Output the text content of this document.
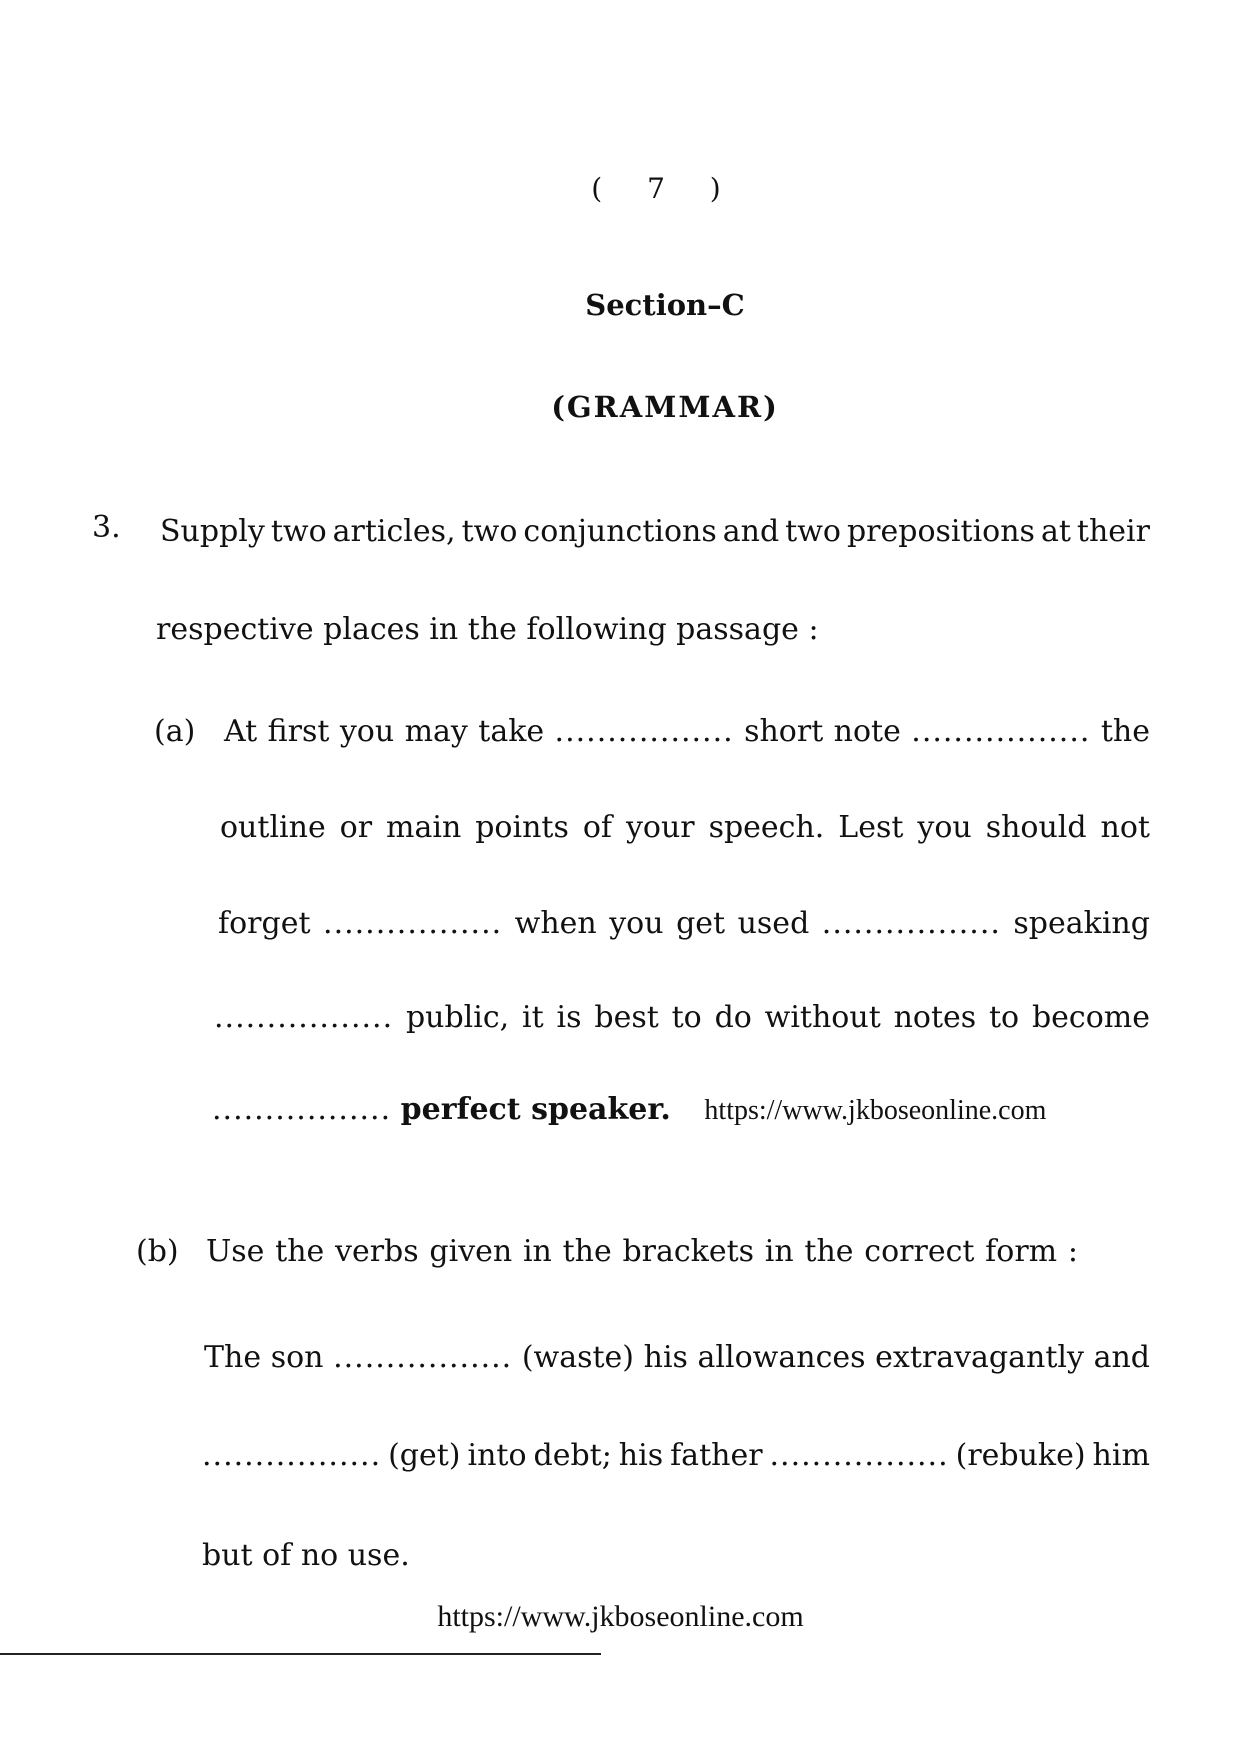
( 7 )
Section–C
(GRAMMAR)
3. Supply two articles, two conjunctions and two prepositions at their
respective places in the following passage :
(a) At first you may take ................. short note ................. the
outline or main points of your speech. Lest you should not
forget ................. when you get used ................. speaking
................. public, it is best to do without notes to become
................. perfect speaker. https://www.jkboseonline.com
(b) Use the verbs given in the brackets in the correct form :
The son ................. (waste) his allowances extravagantly and
................. (get) into debt; his father ................. (rebuke) him
but of no use.
https://www.jkboseonline.com
